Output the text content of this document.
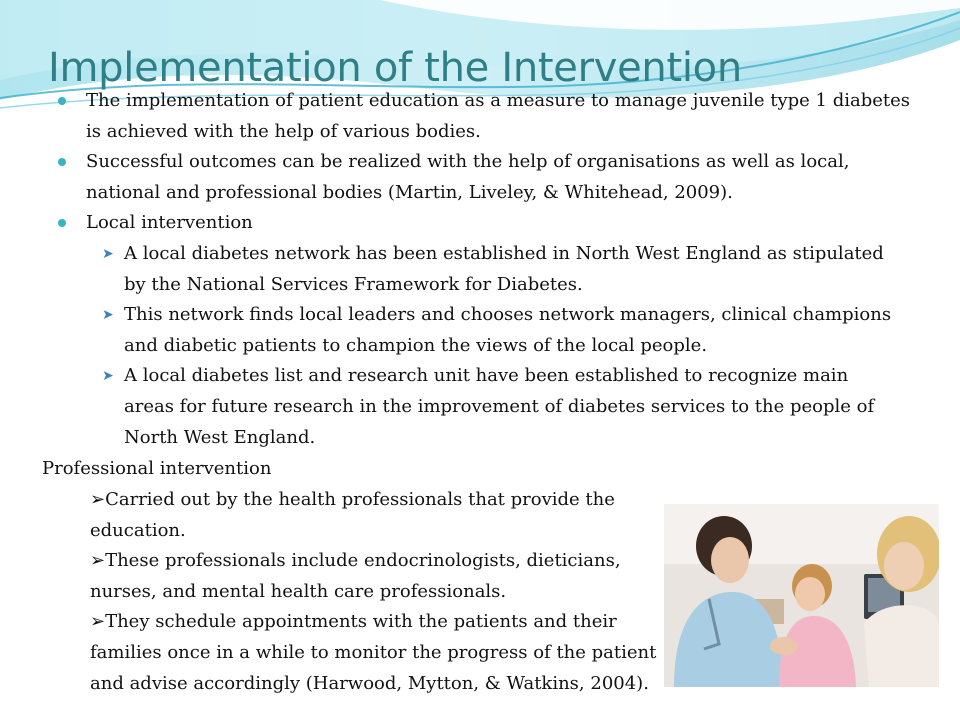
Implementation of the Intervention
The implementation of patient education as a measure to manage juvenile type 1 diabetes is achieved with the help of various bodies.
Successful outcomes can be realized with the help of organisations as well as local, national and professional bodies (Martin, Liveley, & Whitehead, 2009).
Local intervention
➤ A local diabetes network has been established in North West England as stipulated by the National Services Framework for Diabetes.
➤ This network finds local leaders and chooses network managers, clinical champions and diabetic patients to champion the views of the local people.
➤ A local diabetes list and research unit have been established to recognize main areas for future research in the improvement of diabetes services to the people of North West England.
Professional intervention

➢Carried out by the health professionals that provide the education.

➢These professionals include endocrinologists, dieticians, nurses, and mental health care professionals.

➢They schedule appointments with the patients and their families once in a while to monitor the progress of the patient and advise accordingly (Harwood, Mytton, & Watkins, 2004).
